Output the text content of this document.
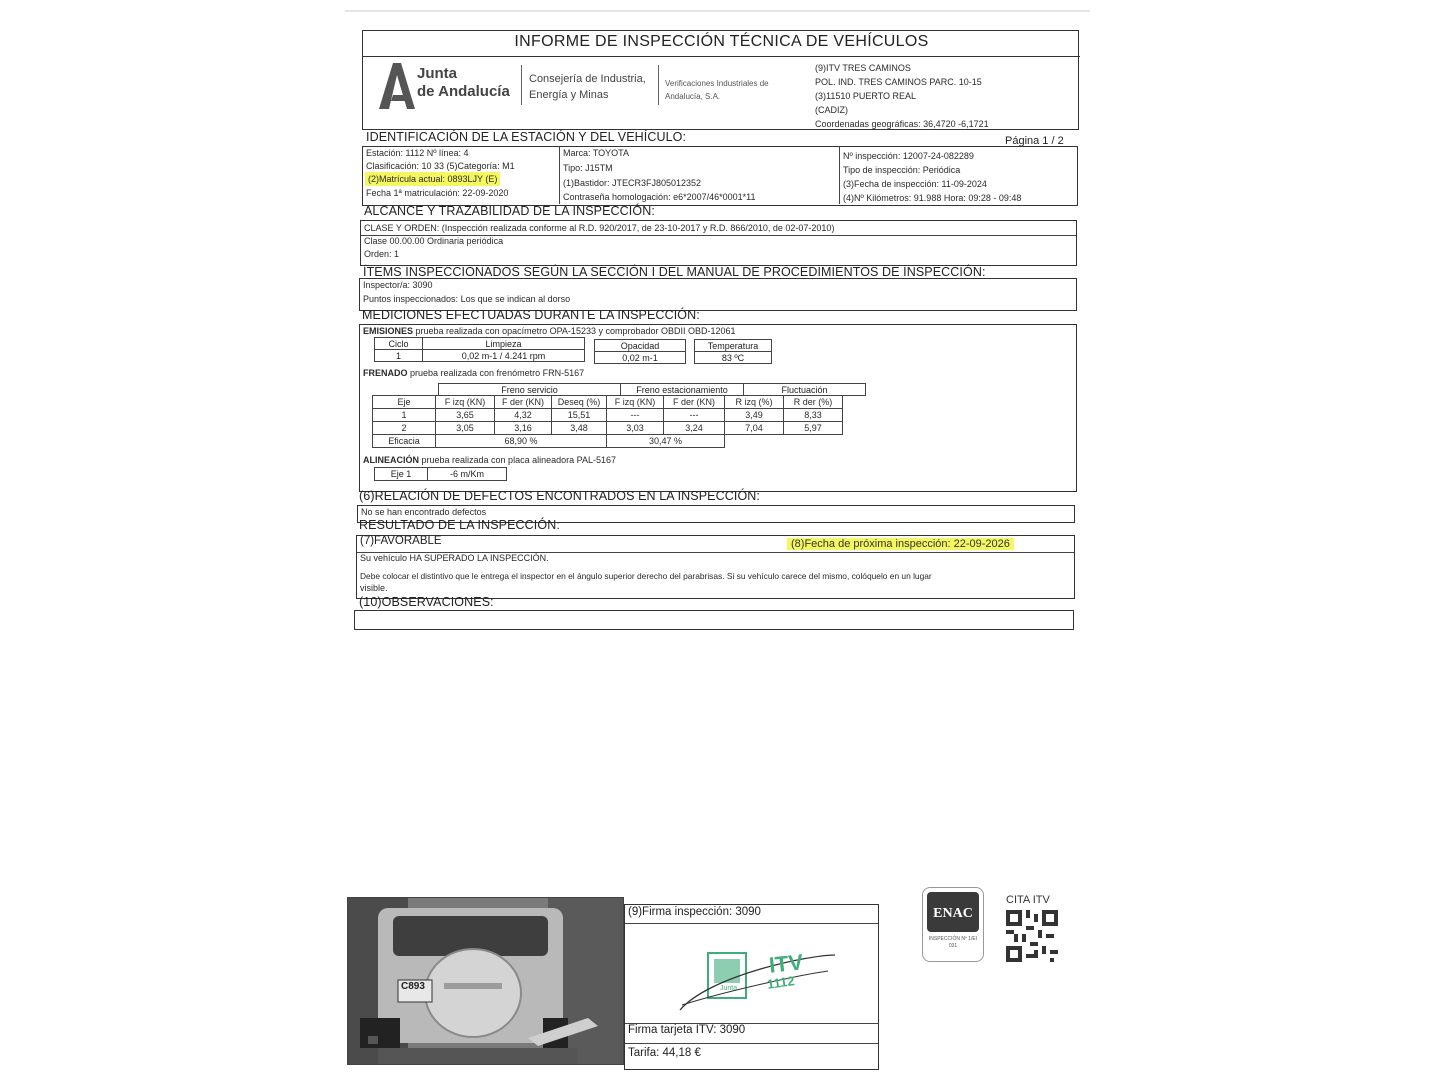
INFORME DE INSPECCIÓN TÉCNICA DE VEHÍCULOS
Junta
de Andalucía
Consejería de Industria,
Energía y Minas
Verificaciones Industriales de
Andalucía, S.A.
(9)ITV TRES CAMINOS
POL. IND. TRES CAMINOS PARC. 10-15
(3)11510 PUERTO REAL
(CADIZ)
Coordenadas geográficas: 36,4720 -6,1721
IDENTIFICACIÓN DE LA ESTACIÓN Y DEL VEHÍCULO:	Página 1 / 2
Estación: 1112 Nº línea: 4
Clasificación: 10 33 (5)Categoría: M1
(2)Matrícula actual: 0893LJY (E)
Fecha 1ª matriculación: 22-09-2020
Marca: TOYOTA
Tipo: J15TM
(1)Bastidor: JTECR3FJ805012352
Contraseña homologación: e6*2007/46*0001*11
Nº inspección: 12007-24-082289
Tipo de inspección: Periódica
(3)Fecha de inspección: 11-09-2024
(4)Nº Kilómetros: 91.988 Hora: 09:28 - 09:48
ALCANCE Y TRAZABILIDAD DE LA INSPECCIÓN:
CLASE Y ORDEN: (Inspección realizada conforme al R.D. 920/2017, de 23-10-2017 y R.D. 866/2010, de 02-07-2010)
Clase 00.00.00 Ordinaria periódica
Orden: 1
ÍTEMS INSPECCIONADOS SEGÚN LA SECCIÓN I DEL MANUAL DE PROCEDIMIENTOS DE INSPECCIÓN:
Inspector/a: 3090
Puntos inspeccionados: Los que se indican al dorso
MEDICIONES EFECTUADAS DURANTE LA INSPECCIÓN:
EMISIONES prueba realizada con opacímetro OPA-15233 y comprobador OBDII OBD-12061
Ciclo	Limpieza
1	0,02 m-1 / 4.241 rpm
Opacidad
0,02 m-1
Temperatura
83 ºC
FRENADO prueba realizada con frenómetro FRN-5167
Freno servicio	Freno estacionamiento	Fluctuación
Eje	F izq (KN)	F der (KN)	Deseq (%)	F izq (KN)	F der (KN)	R izq (%)	R der (%)
1	3,65	4,32	15,51	---	---	3,49	8,33
2	3,05	3,16	3,48	3,03	3,24	7,04	5,97
Eficacia	68,90 %			30,47 %			
ALINEACIÓN prueba realizada con placa alineadora PAL-5167
Eje 1	-6 m/Km
(6)RELACIÓN DE DEFECTOS ENCONTRADOS EN LA INSPECCIÓN:
No se han encontrado defectos
RESULTADO DE LA INSPECCIÓN:
(7)FAVORABLE	(8)Fecha de próxima inspección: 22-09-2026
Su vehículo HA SUPERADO LA INSPECCIÓN.
Debe colocar el distintivo que le entrega el inspector en el ángulo superior derecho del parabrisas. Si su vehículo carece del mismo, colóquelo en un lugar
visible.
(10)OBSERVACIONES:
C893
(9)Firma inspección: 3090
ITV
1112
Junta
Firma tarjeta ITV: 3090
Tarifa: 44,18 €
ENAC
INSPECCIÓN Nº 1/EI 031
CITA ITV
